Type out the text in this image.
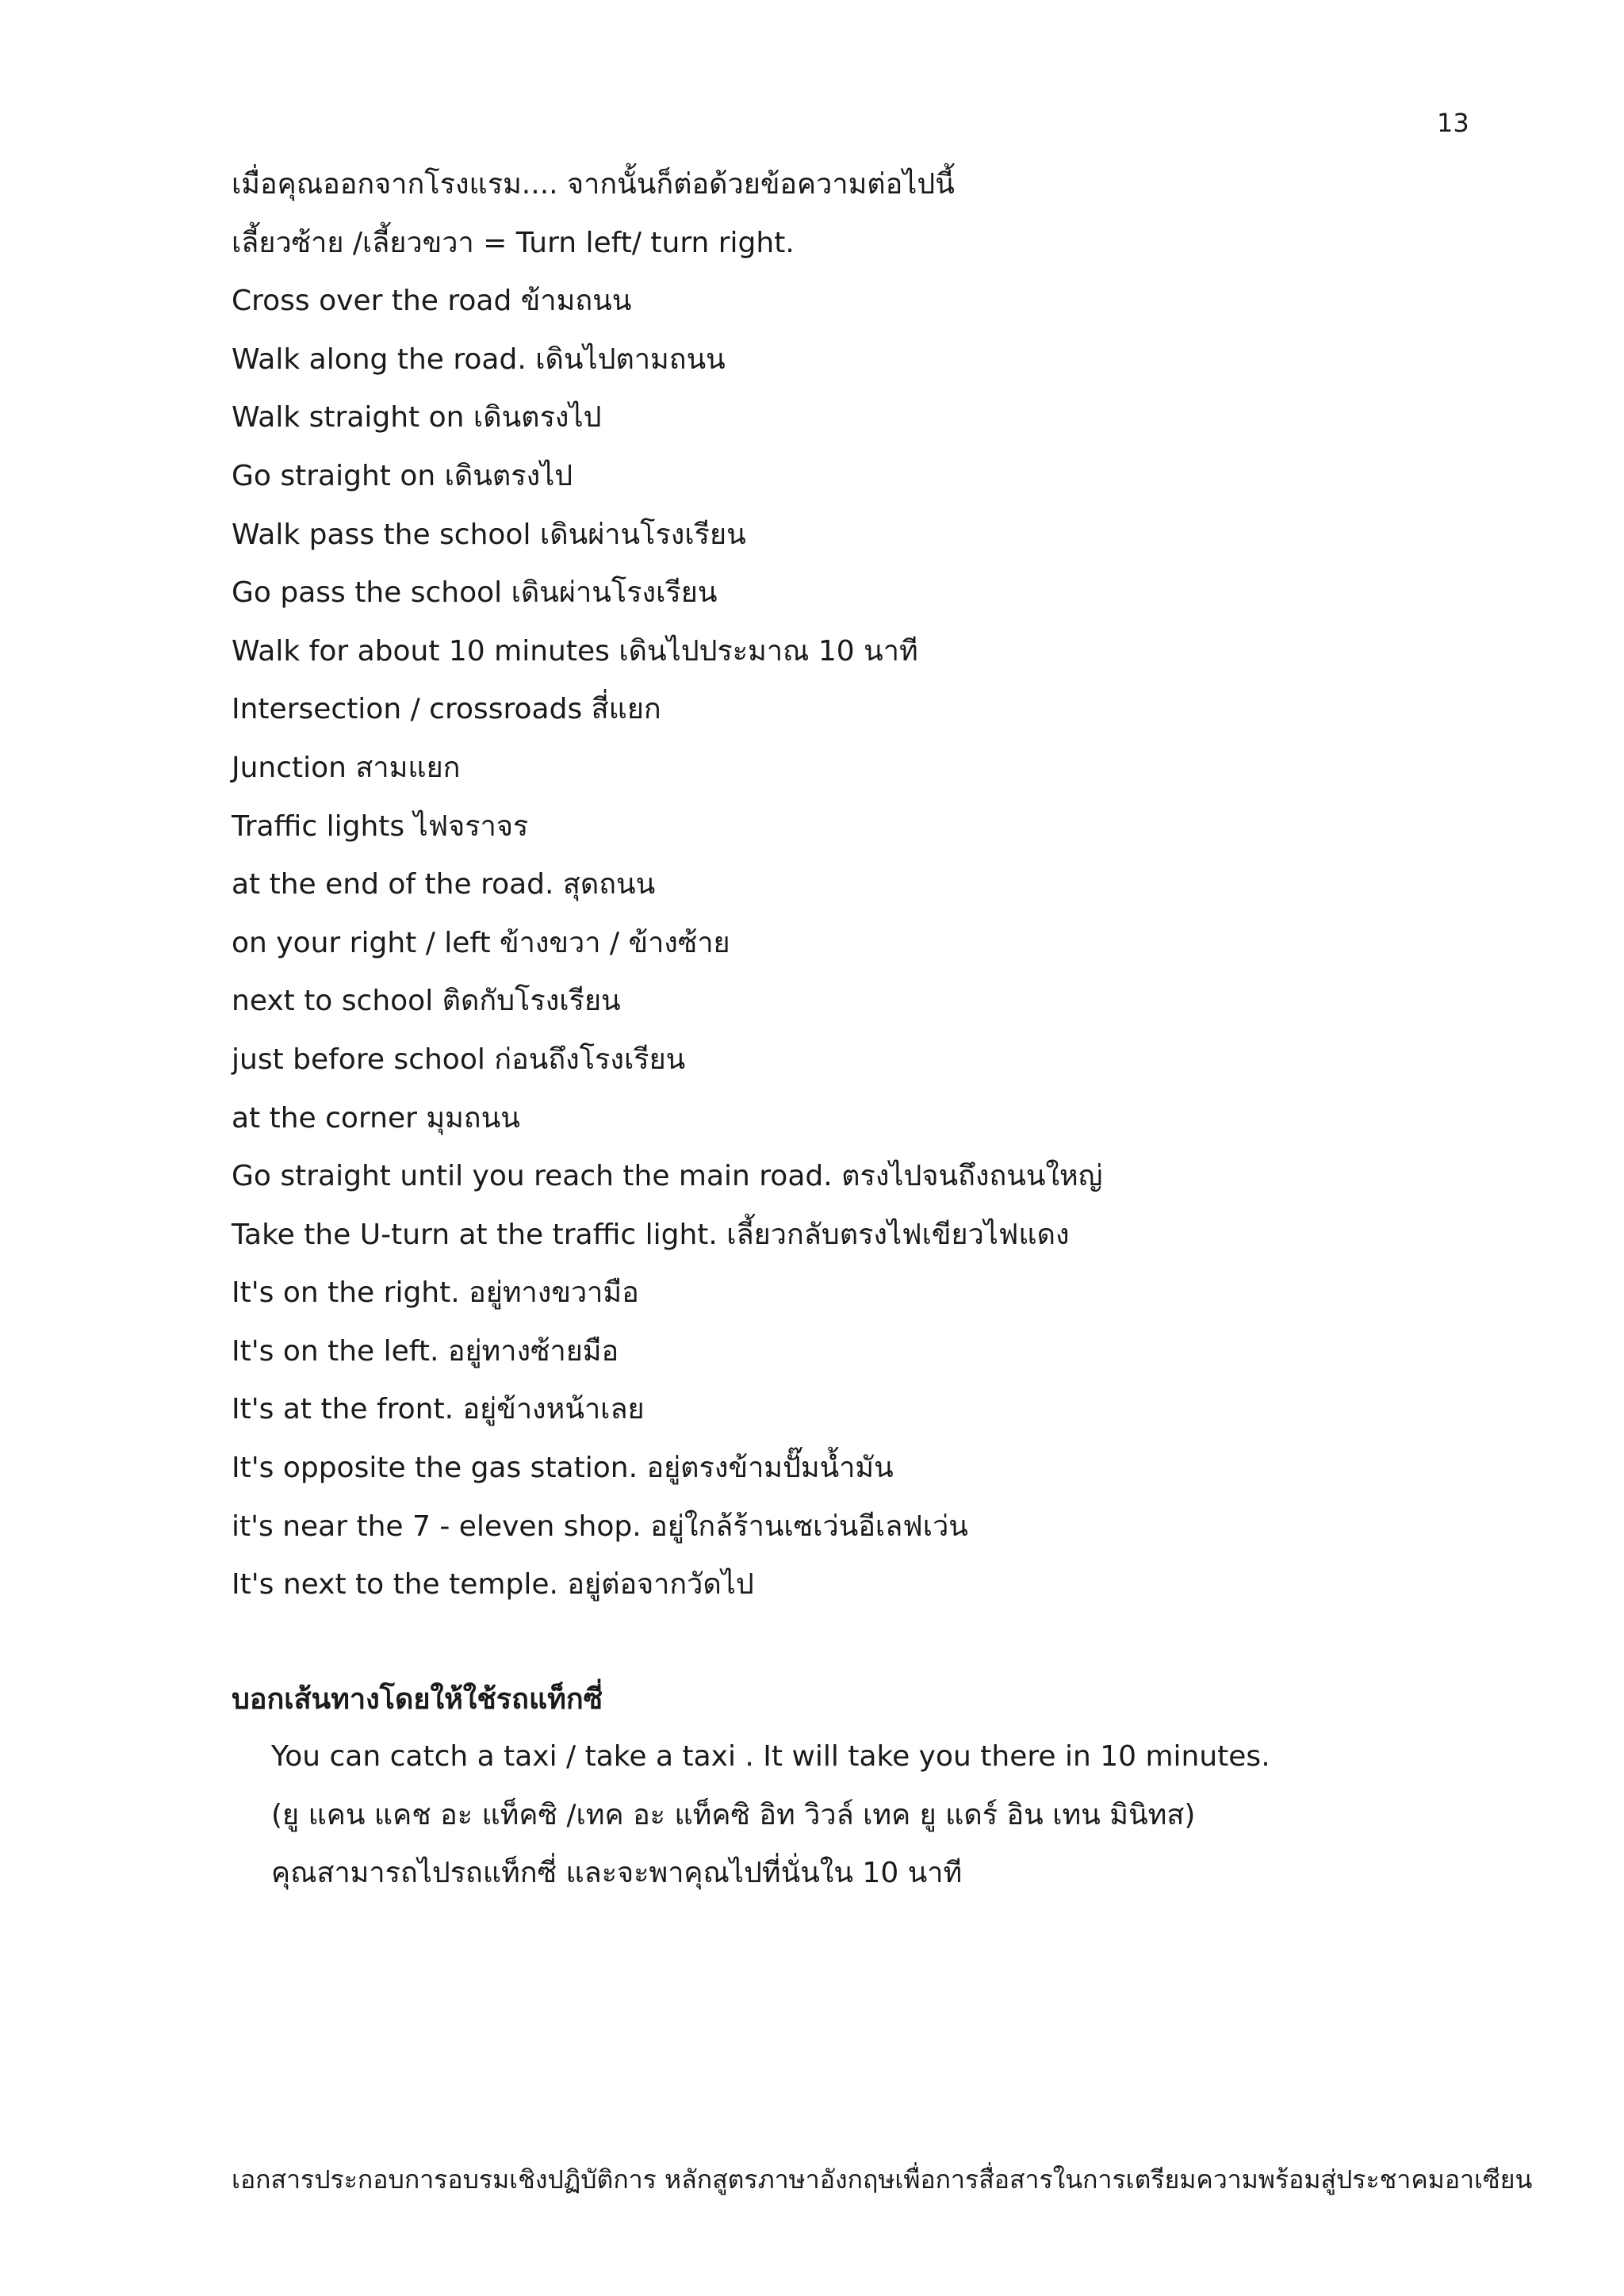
13
เมื่อคุณออกจากโรงแรม.... จากนั้นก็ต่อด้วยข้อความต่อไปนี้
เลี้ยวซ้าย /เลี้ยวขวา = Turn left/ turn right.
Cross over the road ข้ามถนน
Walk along the road. เดินไปตามถนน
Walk straight on เดินตรงไป
Go straight on เดินตรงไป
Walk pass the school เดินผ่านโรงเรียน
Go pass the school เดินผ่านโรงเรียน
Walk for about 10 minutes เดินไปประมาณ 10 นาที
Intersection / crossroads สี่แยก
Junction สามแยก
Traffic lights ไฟจราจร
at the end of the road. สุดถนน
on your right / left ข้างขวา / ข้างซ้าย
next to school ติดกับโรงเรียน
just before school ก่อนถึงโรงเรียน
at the corner มุมถนน
Go straight until you reach the main road. ตรงไปจนถึงถนนใหญ่
Take the U-turn at the traffic light. เลี้ยวกลับตรงไฟเขียวไฟแดง
It's on the right. อยู่ทางขวามือ
It's on the left. อยู่ทางซ้ายมือ
It's at the front. อยู่ข้างหน้าเลย
It's opposite the gas station. อยู่ตรงข้ามปั๊มน้ำมัน
it's near the 7 - eleven shop. อยู่ใกล้ร้านเซเว่นอีเลฟเว่น
It's next to the temple. อยู่ต่อจากวัดไป
บอกเส้นทางโดยให้ใช้รถแท็กซี่
You can catch a taxi / take a taxi . It will take you there in 10 minutes.
(ยู แคน แคช อะ แท็คซิ /เทค อะ แท็คซิ อิท วิวล์ เทค ยู แดร์ อิน เทน มินิทส)
คุณสามารถไปรถแท็กซี่ และจะพาคุณไปที่นั่นใน 10 นาที
เอกสารประกอบการอบรมเชิงปฏิบัติการ หลักสูตรภาษาอังกฤษเพื่อการสื่อสารในการเตรียมความพร้อมสู่ประชาคมอาเซียน
